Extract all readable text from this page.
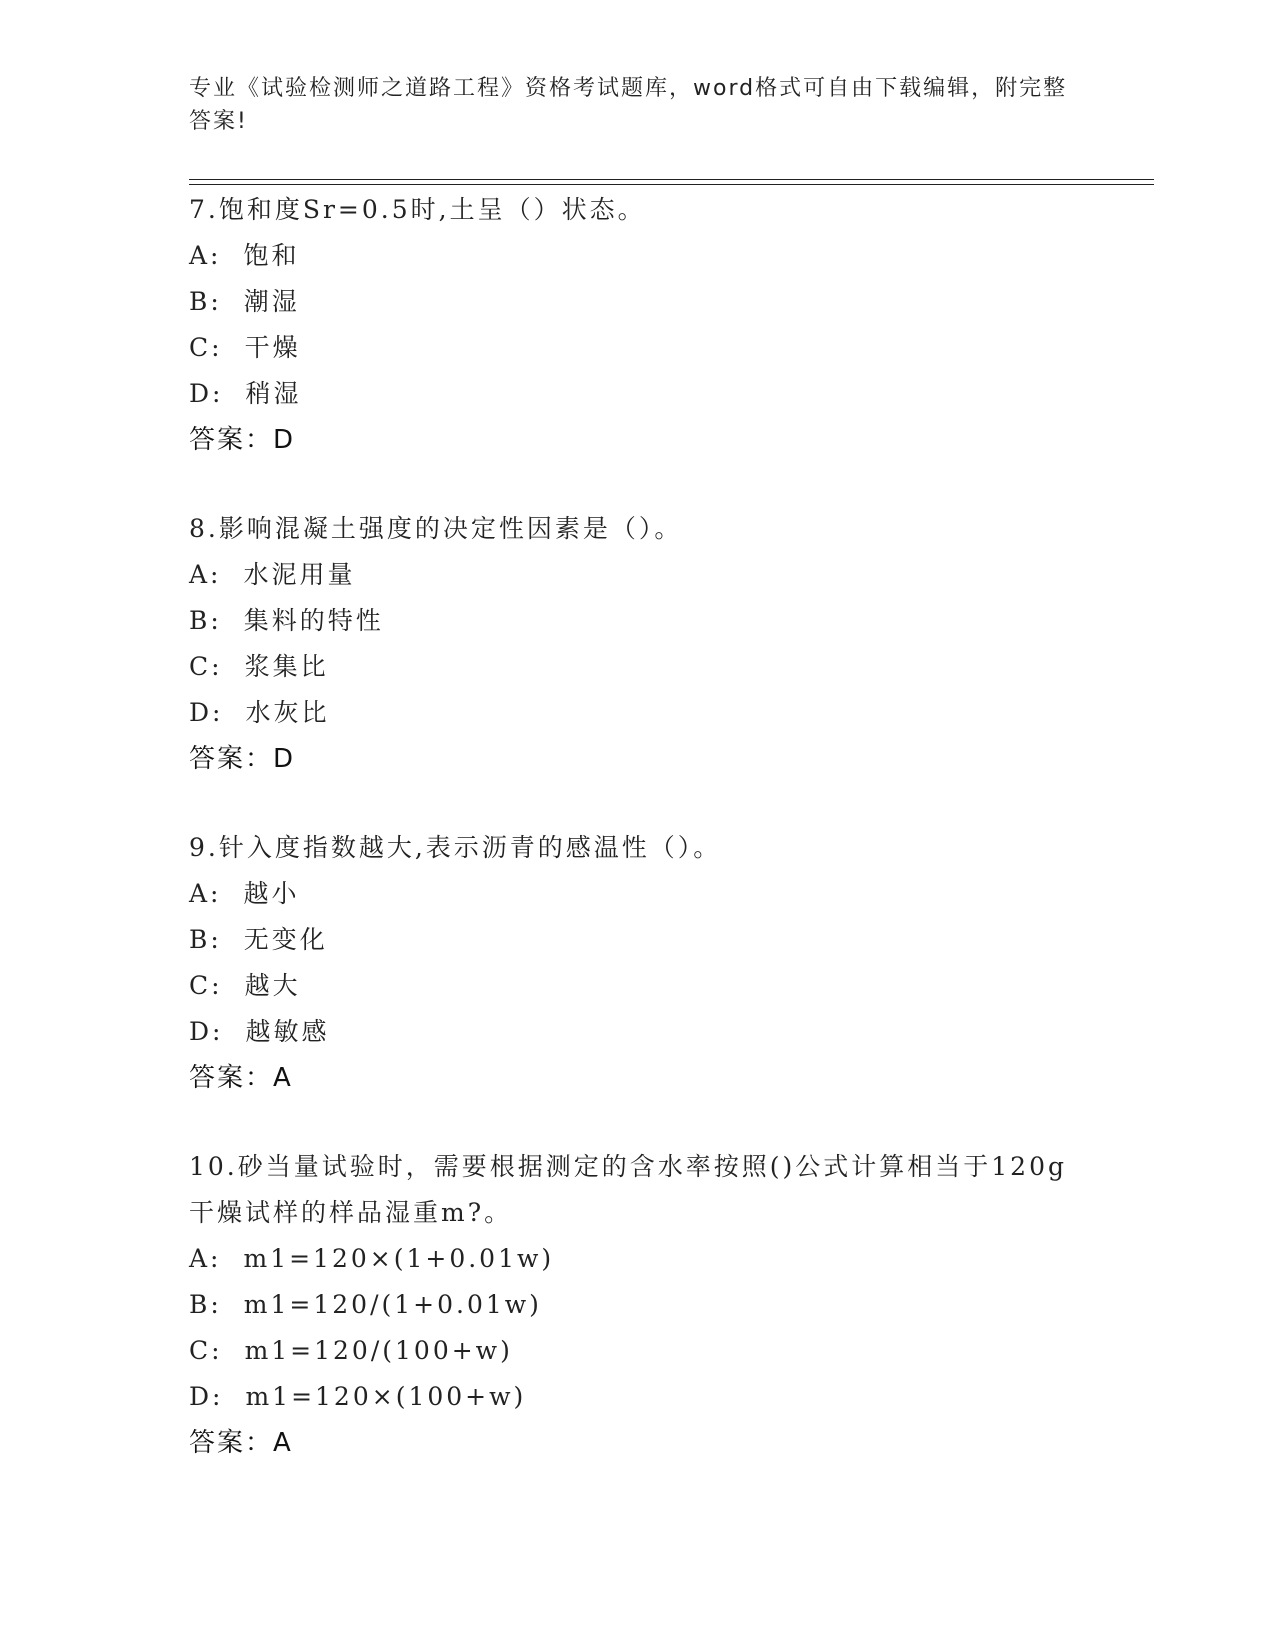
专业《试验检测师之道路工程》资格考试题库，word格式可自由下载编辑，附完整答案!

7.饱和度Sr=0.5时,土呈（）状态。

A: 饱和
B: 潮湿
C: 干燥
D: 稍湿
答案：D

8.影响混凝土强度的决定性因素是（）。

A: 水泥用量
B: 集料的特性
C: 浆集比
D: 水灰比
答案：D

9.针入度指数越大,表示沥青的感温性（）。

A: 越小
B: 无变化
C: 越大
D: 越敏感
答案：A

10.砂当量试验时，需要根据测定的含水率按照()公式计算相当于120g干燥试样的样品湿重m?。

A: m1=120×(1+0.01w)
B: m1=120/(1+0.01w)
C: m1=120/(100+w)
D: m1=120×(100+w)
答案：A
